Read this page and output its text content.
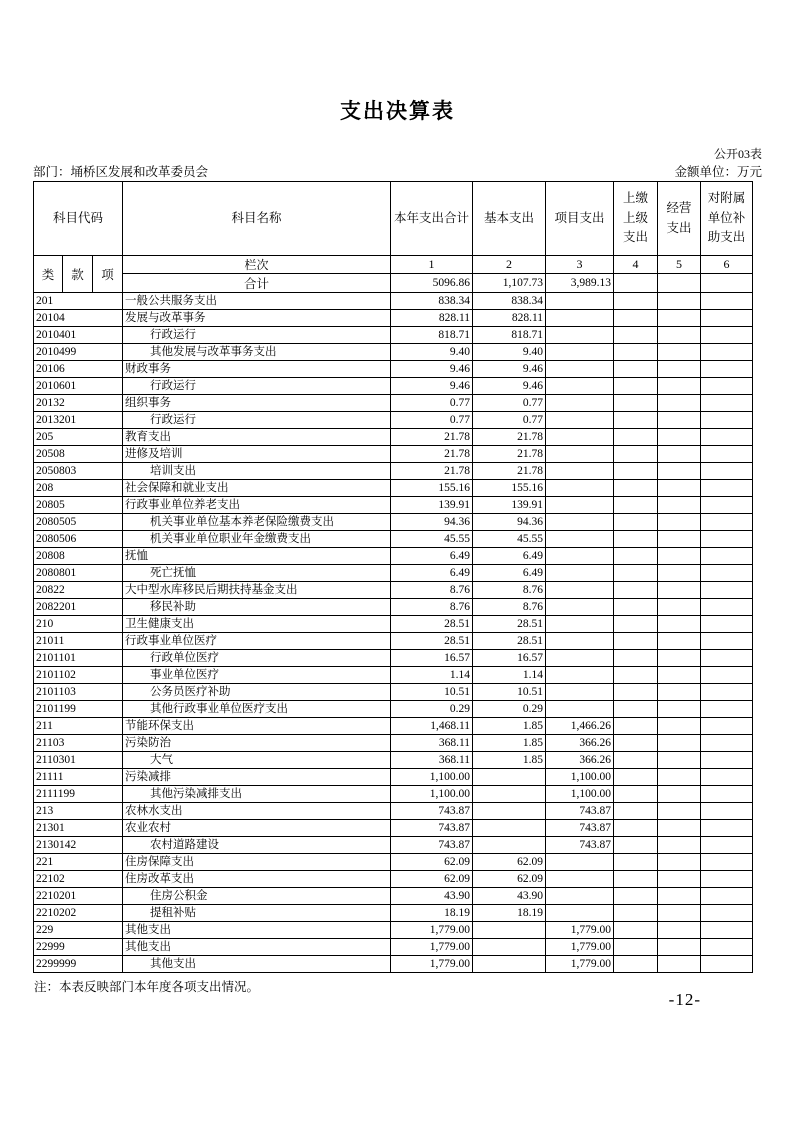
支出决算表
公开03表
部门：埇桥区发展和改革委员会	金额单位：万元
科目代码			科目名称	本年支出合计	基本支出	项目支出	上缴上级支出	经营支出	对附属单位补助支出
类	款	项	栏次	1	2	3	4	5	6
			合计	5096.86	1,107.73	3,989.13			
201			一般公共服务支出	838.34	838.34				
20104			发展与改革事务	828.11	828.11				
2010401			行政运行	818.71	818.71				
2010499			其他发展与改革事务支出	9.40	9.40				
20106			财政事务	9.46	9.46				
2010601			行政运行	9.46	9.46				
20132			组织事务	0.77	0.77				
2013201			行政运行	0.77	0.77				
205			教育支出	21.78	21.78				
20508			进修及培训	21.78	21.78				
2050803			培训支出	21.78	21.78				
208			社会保障和就业支出	155.16	155.16				
20805			行政事业单位养老支出	139.91	139.91				
2080505			机关事业单位基本养老保险缴费支出	94.36	94.36				
2080506			机关事业单位职业年金缴费支出	45.55	45.55				
20808			抚恤	6.49	6.49				
2080801			死亡抚恤	6.49	6.49				
20822			大中型水库移民后期扶持基金支出	8.76	8.76				
2082201			移民补助	8.76	8.76				
210			卫生健康支出	28.51	28.51				
21011			行政事业单位医疗	28.51	28.51				
2101101			行政单位医疗	16.57	16.57				
2101102			事业单位医疗	1.14	1.14				
2101103			公务员医疗补助	10.51	10.51				
2101199			其他行政事业单位医疗支出	0.29	0.29				
211			节能环保支出	1,468.11	1.85	1,466.26			
21103			污染防治	368.11	1.85	366.26			
2110301			大气	368.11	1.85	366.26			
21111			污染减排	1,100.00		1,100.00			
2111199			其他污染减排支出	1,100.00		1,100.00			
213			农林水支出	743.87		743.87			
21301			农业农村	743.87		743.87			
2130142			农村道路建设	743.87		743.87			
221			住房保障支出	62.09	62.09				
22102			住房改革支出	62.09	62.09				
2210201			住房公积金	43.90	43.90				
2210202			提租补贴	18.19	18.19				
229			其他支出	1,779.00		1,779.00			
22999			其他支出	1,779.00		1,779.00			
2299999			其他支出	1,779.00		1,779.00			
注：本表反映部门本年度各项支出情况。
-12-
